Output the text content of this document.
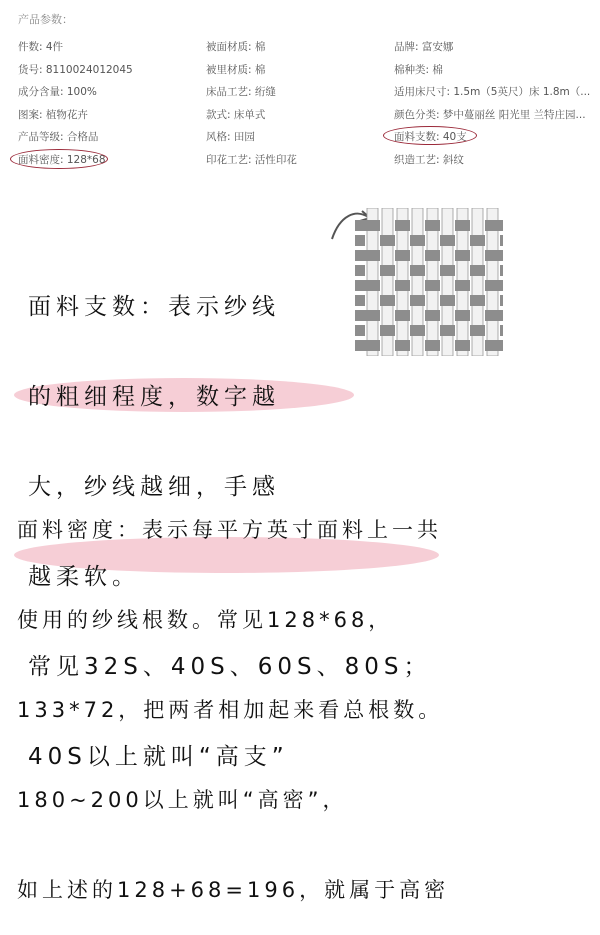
产品参数：
件数: 4件	被面材质: 棉	品牌: 富安娜
货号: 8110024012045	被里材质: 棉	棉种类: 棉
成分含量: 100%	床品工艺: 绗缝	适用床尺寸: 1.5m（5英尺）床 1.8m（...
图案: 植物花卉	款式: 床单式	颜色分类: 梦中蔓丽丝 阳光里 兰特庄园...
产品等级: 合格品	风格: 田园	面料支数: 40支
面料密度: 128*68	印花工艺: 活性印花	织造工艺: 斜纹

面料支数：表示纱线

的粗细程度，数字越

大，纱线越细，手感

越柔软。

常见32S、40S、60S、80S；

40S以上就叫“高支”

面料密度：表示每平方英寸面料上一共

使用的纱线根数。常见128*68，

133*72，把两者相加起来看总根数。

180~200以上就叫“高密”，

如上述的128+68=196，就属于高密
